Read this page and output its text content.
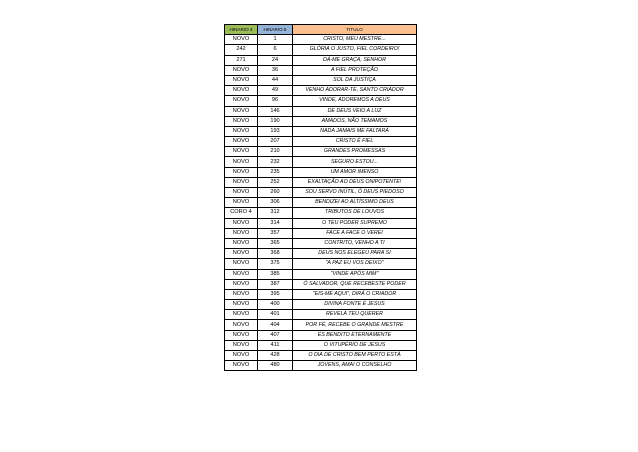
HINARIO 4	HINARIO 5	TITULO
NOVO	1	CRISTO, MEU MESTRE...
242	6	GLÓRIA O JUSTO, FIEL CORDEIRO!
271	24	DÁ-ME GRAÇA, SENHOR
NOVO	36	A FIEL PROTEÇÃO
NOVO	44	SOL DA JUSTIÇA
NOVO	49	VENHO ADORAR-TE, SANTO CRIADOR
NOVO	96	VINDE, ADOREMOS A DEUS
NOVO	146	DE DEUS VEIO A LUZ
NOVO	190	AMADOS, NÃO TEMAMOS
NOVO	193	NADA JAMAIS ME FALTARÁ
NOVO	207	CRISTO É FIEL
NOVO	210	GRANDES PROMESSAS
NOVO	232	SEGURO ESTOU...
NOVO	235	UM AMOR IMENSO
NOVO	252	EXALTAÇÃO AO DEUS ONIPOTENTE!
NOVO	260	SOU SERVO INÚTIL, Ó DEUS PIEDOSO
NOVO	306	BENDIZEI AO ALTÍSSIMO DEUS
CORO 4	312	TRIBUTOS DE LOUVOS
NOVO	314	O TEU PODER SUPREMO
NOVO	357	FACE A FACE O VEREI
NOVO	365	CONTRITO, VENHO A TI
NOVO	368	DEUS NOS ELEGEU PARA SI
NOVO	375	"A PAZ EU VOS DEIXO"
NOVO	385	"VINDE APÓS MIM"
NOVO	387	Ó SALVADOR, QUE RECEBESTE PODER
NOVO	395	"EIS-ME AQUI", DIRÁ O CRIADOR
NOVO	400	DIVINA FONTE É JESUS
NOVO	401	REVELA TEU QUERER
NOVO	404	POR FÉ, RECEBE O GRANDE MESTRE
NOVO	407	ÉS BENDITO ETERNAMENTE
NOVO	411	O VITUPÉRIO DE JESUS
NOVO	428	O DIA DE CRISTO BEM PERTO ESTÁ
NOVO	480	JOVENS, AMAI O CONSELHO
